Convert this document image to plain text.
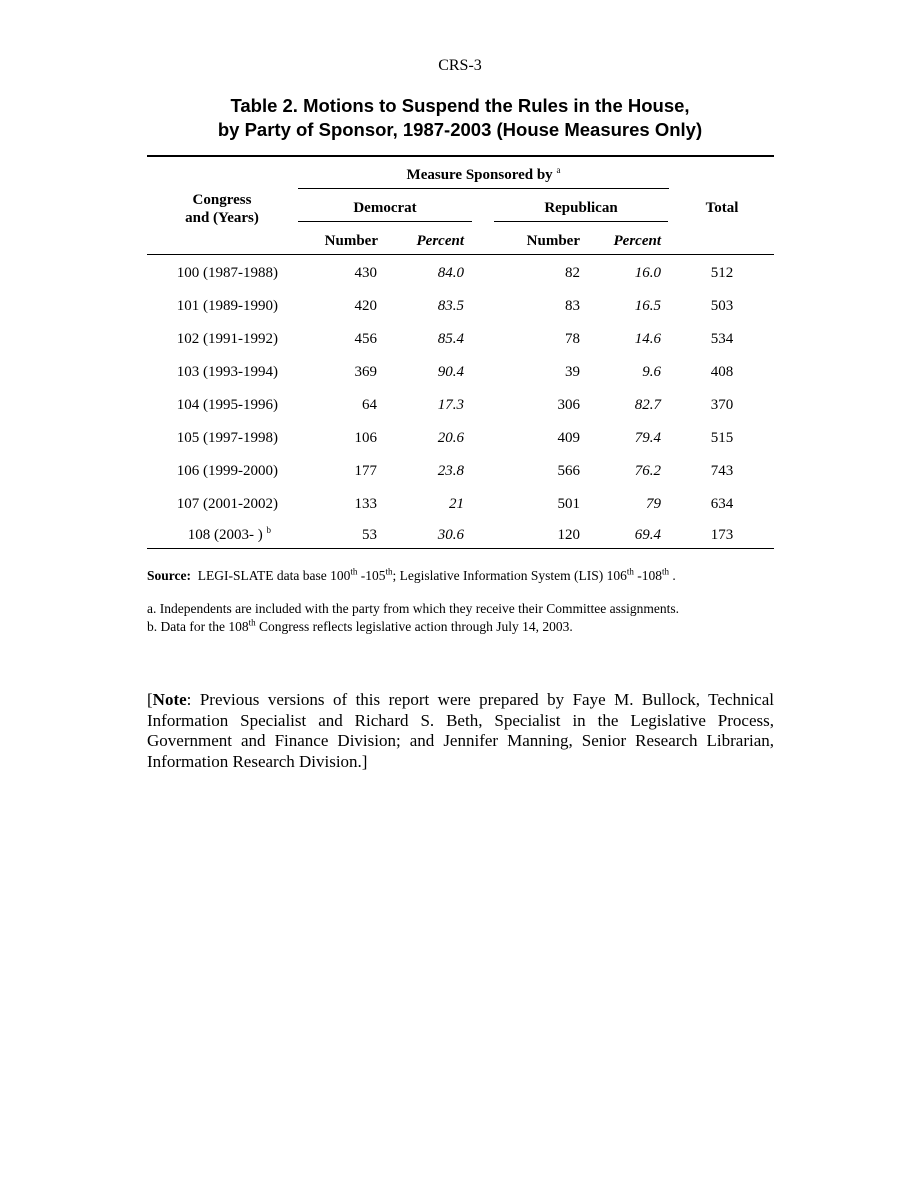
CRS-3
Table 2. Motions to Suspend the Rules in the House,
by Party of Sponsor, 1987-2003 (House Measures Only)
Congress
and (Years)
Measure Sponsored by $^a$
Democrat	Republican	Total
Number	Percent	Number	Percent
100 (1987-1988)	430	84.0	82	16.0	512
101 (1989-1990)	420	83.5	83	16.5	503
102 (1991-1992)	456	85.4	78	14.6	534
103 (1993-1994)	369	90.4	39	9.6	408
104 (1995-1996)	64	17.3	306	82.7	370
105 (1997-1998)	106	20.6	409	79.4	515
106 (1999-2000)	177	23.8	566	76.2	743
107 (2001-2002)	133	21	501	79	634
108 (2003- ) $^b$	53	30.6	120	69.4	173
Source: LEGI-SLATE data base 100th -105th; Legislative Information System (LIS) 106th -108th .
a. Independents are included with the party from which they receive their Committee assignments.
b. Data for the 108th Congress reflects legislative action through July 14, 2003.
[Note: Previous versions of this report were prepared by Faye M. Bullock, Technical Information Specialist and Richard S. Beth, Specialist in the Legislative Process, Government and Finance Division; and Jennifer Manning, Senior Research Librarian, Information Research Division.]
